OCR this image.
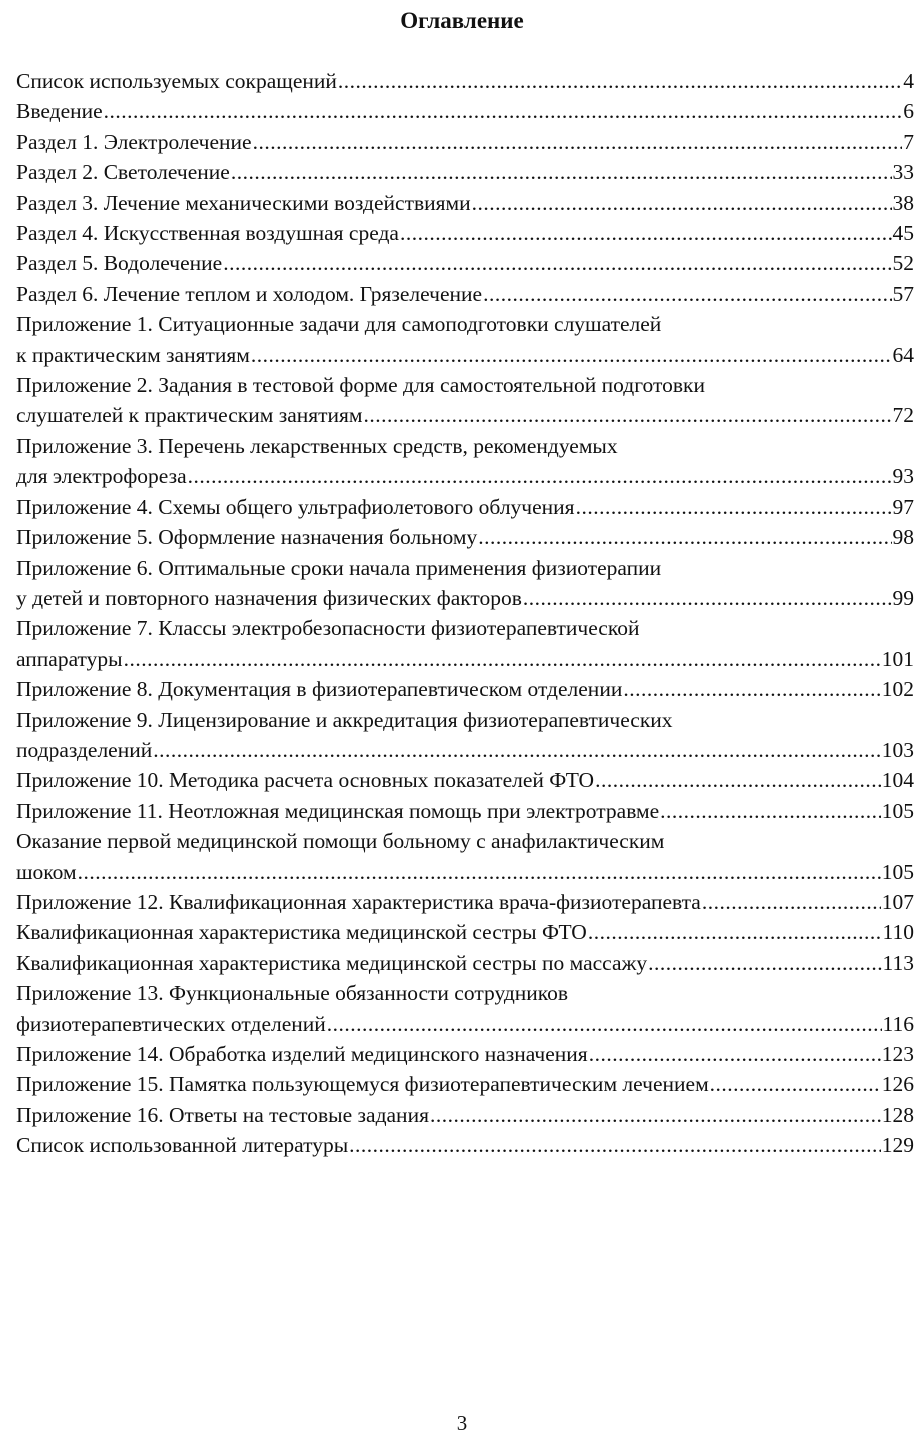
Оглавление
Список используемых сокращений .....	4
Введение .....	6
Раздел 1. Электролечение .....	7
Раздел 2. Светолечение .....	33
Раздел 3. Лечение механическими воздействиями .....	38
Раздел 4. Искусственная воздушная среда .....	45
Раздел 5. Водолечение .....	52
Раздел 6. Лечение теплом и холодом. Грязелечение .....	57
Приложение 1. Ситуационные задачи для самоподготовки слушателей
к практическим занятиям .....	64
Приложение 2. Задания в тестовой форме для самостоятельной подготовки
слушателей к практическим занятиям .....	72
Приложение 3. Перечень лекарственных средств, рекомендуемых
для электрофореза .....	93
Приложение 4. Схемы общего ультрафиолетового облучения .....	97
Приложение 5. Оформление назначения больному .....	98
Приложение 6. Оптимальные сроки начала применения физиотерапии
у детей и повторного назначения физических факторов .....	99
Приложение 7. Классы электробезопасности физиотерапевтической
аппаратуры .....	101
Приложение 8. Документация в физиотерапевтическом отделении .....	102
Приложение 9. Лицензирование и аккредитация физиотерапевтических
подразделений .....	103
Приложение 10. Методика расчета основных показателей ФТО .....	104
Приложение 11. Неотложная медицинская помощь при электротравме .....	105
Оказание первой медицинской помощи больному с анафилактическим
шоком .....	105
Приложение 12. Квалификационная характеристика врача-физиотерапевта .....	107
Квалификационная характеристика медицинской сестры ФТО .....	110
Квалификационная характеристика медицинской сестры по массажу .....	113
Приложение 13. Функциональные обязанности сотрудников
физиотерапевтических отделений .....	116
Приложение 14. Обработка изделий медицинского назначения .....	123
Приложение 15. Памятка пользующемуся физиотерапевтическим лечением .....	126
Приложение 16. Ответы на тестовые задания .....	128
Список использованной литературы .....	129
3
